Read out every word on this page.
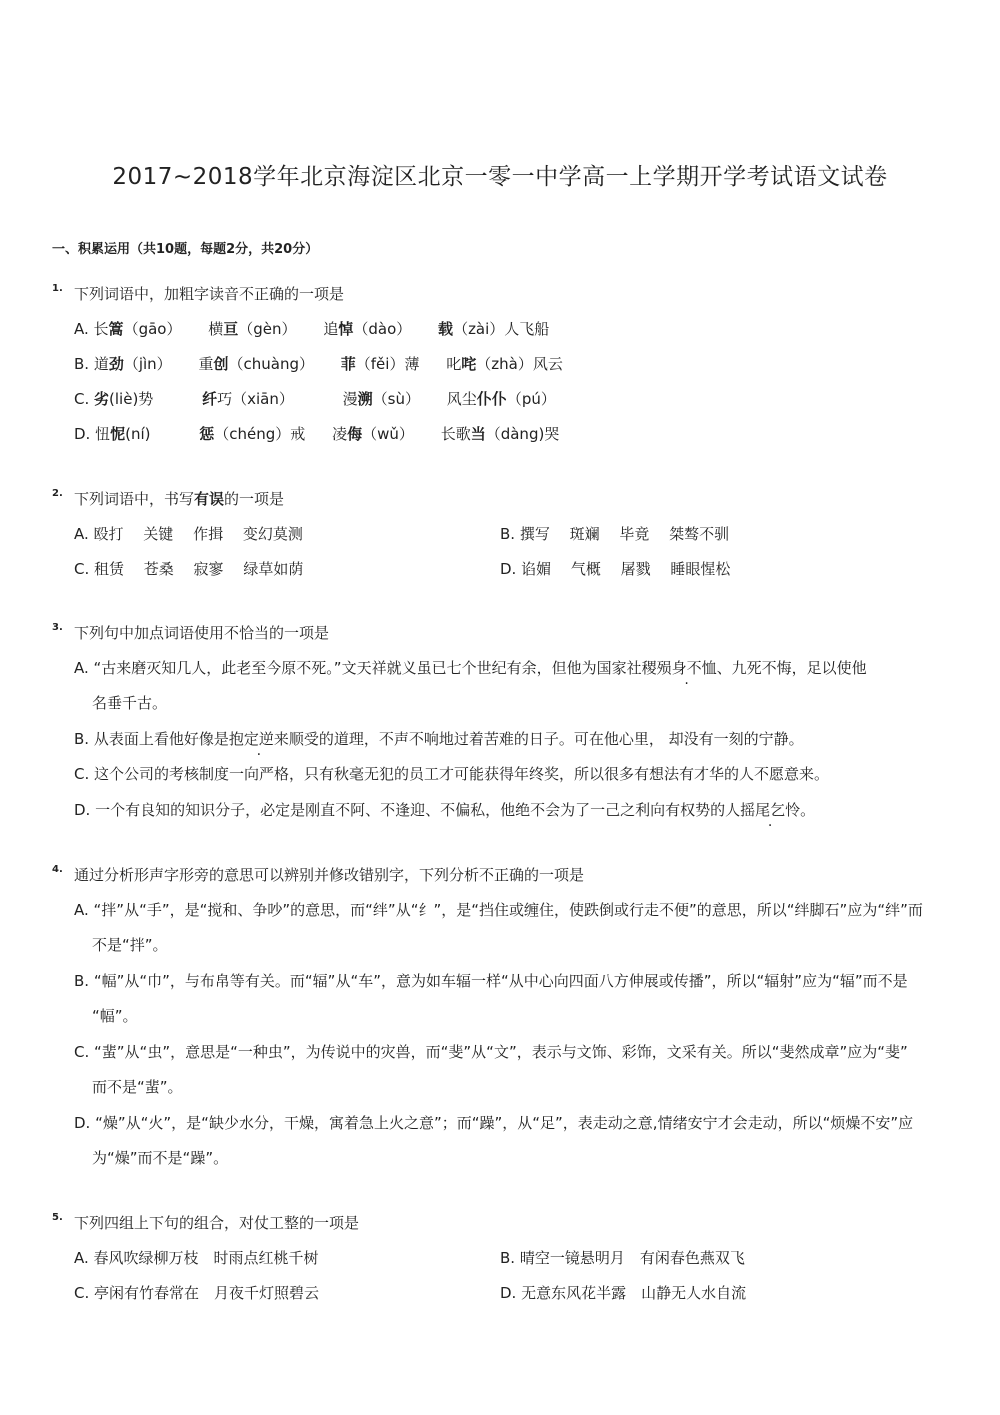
2017~2018学年北京海淀区北京一零一中学高一上学期开学考试语文试卷
一、积累运用（共10题，每题2分，共20分）
1. 下列词语中，加粗字读音不正确的一项是
A. 长篙（gāo） 横亘（gèn） 追悼（dào） 载（zài）人飞船
B. 道劲（jìn） 重创（chuàng） 菲（fěi）薄 叱咤（zhà）风云
C. 劣(liè)势	纤巧（xiān）	漫溯（sù） 风尘仆仆（pú）
D. 忸怩(ní)	惩（chéng）戒 凌侮（wǔ） 长歌当（dàng)哭
2. 下列词语中，书写有误的一项是
A. 殴打　 关键　 作揖　 变幻莫测	B. 撰写　 斑斓　 毕竟　 桀骜不驯
C. 租赁　 苍桑　 寂寥　 绿草如荫	D. 谄媚　 气概　 屠戮　 睡眼惺松
3. 下列句中加点词语使用不恰当的一项是
A. “古来磨灭知几人，此老至今原不死。”文天祥就义虽已七个世纪有余，但他为国家社稷殒身不恤、九死不悔，足以使他
名垂千古。
B. 从表面上看他好像是抱定逆来顺受的道理，不声不响地过着苦难的日子。可在他心里， 却没有一刻的宁静。
C. 这个公司的考核制度一向严格，只有秋毫无犯的员工才可能获得年终奖，所以很多有想法有才华的人不愿意来。
D. 一个有良知的知识分子，必定是刚直不阿、不逢迎、不偏私，他绝不会为了一己之利向有权势的人摇尾乞怜。
4. 通过分析形声字形旁的意思可以辨别并修改错别字，下列分析不正确的一项是
A. “拌”从“手”，是“搅和、争吵”的意思，而“绊”从“纟”，是“挡住或缠住，使跌倒或行走不便”的意思，所以“绊脚石”应为“绊”而
不是“拌”。
B. “幅”从“巾”，与布帛等有关。而“辐”从“车”，意为如车辐一样“从中心向四面八方伸展或传播”，所以“辐射”应为“辐”而不是
“幅”。
C. “蜚”从“虫”，意思是“一种虫”，为传说中的灾兽，而“斐”从“文”，表示与文饰、彩饰，文采有关。所以“斐然成章”应为“斐”
而不是“蜚”。
D. “燥”从“火”，是“缺少水分，干燥，寓着急上火之意”；而“躁”，从“足”，表走动之意,情绪安宁才会走动，所以“烦燥不安”应
为“燥”而不是“躁”。
5. 下列四组上下句的组合，对仗工整的一项是
A. 春风吹绿柳万枝　时雨点红桃千树	B. 晴空一镜悬明月　有闲春色燕双飞
C. 亭闲有竹春常在　月夜千灯照碧云	D. 无意东风花半露　山静无人水自流
